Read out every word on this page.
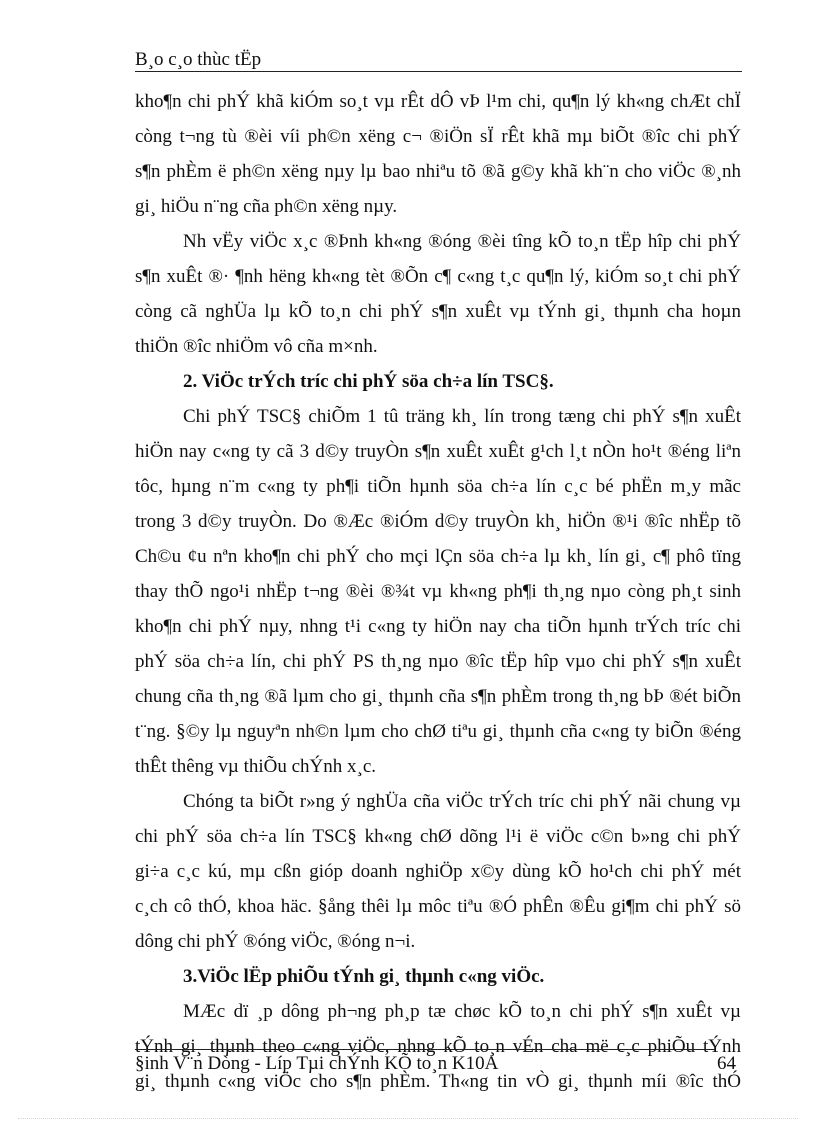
B¸o c¸o thùc tËp
kho¶n chi phÝ khã kiÓm so¸t vµ rÊt dÔ vÞ l¹m chi, qu¶n lý kh«ng chÆt chÏ
còng t¬ng tù ®èi víi ph©n xëng c¬ ®iÖn sÏ rÊt khã mµ biÕt ®îc chi phÝ
s¶n phÈm ë ph©n xëng nµy lµ bao nhiªu tõ ®ã g©y khã kh¨n cho viÖc ®¸nh
gi¸ hiÖu n¨ng cña ph©n xëng nµy.
Nh vËy viÖc x¸c ®Þnh kh«ng ®óng ®èi tîng kÕ to¸n tËp hîp chi phÝ
s¶n xuÊt ®· ¶nh hëng kh«ng tèt ®Õn c¶ c«ng t¸c qu¶n lý, kiÓm so¸t chi phÝ
còng cã nghÜa lµ kÕ to¸n chi phÝ s¶n xuÊt vµ tÝnh gi¸ thµnh cha hoµn
thiÖn ®îc nhiÖm vô cña m×nh.
2. ViÖc trÝch tríc chi phÝ söa ch÷a lín TSC§.
Chi phÝ TSC§ chiÕm 1 tû träng kh¸ lín trong tæng chi phÝ s¶n xuÊt
hiÖn nay c«ng ty cã 3 d©y truyÒn s¶n xuÊt xuÊt g¹ch l¸t nÒn ho¹t ®éng liªn
tôc, hµng n¨m c«ng ty ph¶i tiÕn hµnh söa ch÷a lín c¸c bé phËn m¸y mãc
trong 3 d©y truyÒn. Do ®Æc ®iÓm d©y truyÒn kh¸ hiÖn ®¹i ®îc nhËp tõ
Ch©u ¢u nªn kho¶n chi phÝ cho mçi lÇn söa ch÷a lµ kh¸ lín gi¸ c¶ phô tïng
thay thÕ ngo¹i nhËp t¬ng ®èi ®¾t vµ kh«ng ph¶i th¸ng nµo còng ph¸t sinh
kho¶n chi phÝ nµy, nhng t¹i c«ng ty hiÖn nay cha tiÕn hµnh trÝch tríc chi
phÝ söa ch÷a lín, chi phÝ PS th¸ng nµo ®îc tËp hîp vµo chi phÝ s¶n xuÊt
chung cña th¸ng ®ã lµm cho gi¸ thµnh cña s¶n phÈm trong th¸ng bÞ ®ét biÕn
t¨ng. §©y lµ nguyªn nh©n lµm cho chØ tiªu gi¸ thµnh cña c«ng ty biÕn ®éng
thÊt thêng vµ thiÕu chÝnh x¸c.
Chóng ta biÕt r»ng ý nghÜa cña viÖc trÝch tríc chi phÝ nãi chung vµ
chi phÝ söa ch÷a lín TSC§ kh«ng chØ dõng l¹i ë viÖc c©n b»ng chi phÝ
gi÷a c¸c kú, mµ cßn gióp doanh nghiÖp x©y dùng kÕ ho¹ch chi phÝ mét
c¸ch cô thÓ, khoa häc. §ång thêi lµ môc tiªu ®Ó phÊn ®Êu gi¶m chi phÝ sö
dông chi phÝ ®óng viÖc, ®óng n¬i.
3.ViÖc lËp phiÕu tÝnh gi¸ thµnh c«ng viÖc.
MÆc dï ¸p dông ph¬ng ph¸p tæ chøc kÕ to¸n chi phÝ s¶n xuÊt vµ
tÝnh gi¸ thµnh theo c«ng viÖc, nhng kÕ to¸n vÉn cha më c¸c phiÕu tÝnh
gi¸ thµnh c«ng viÖc cho s¶n phÈm. Th«ng tin vÒ gi¸ thµnh míi ®îc thÓ
§inh V¨n Dòng - Líp Tµi chÝnh KÕ to¸n K10A	64
